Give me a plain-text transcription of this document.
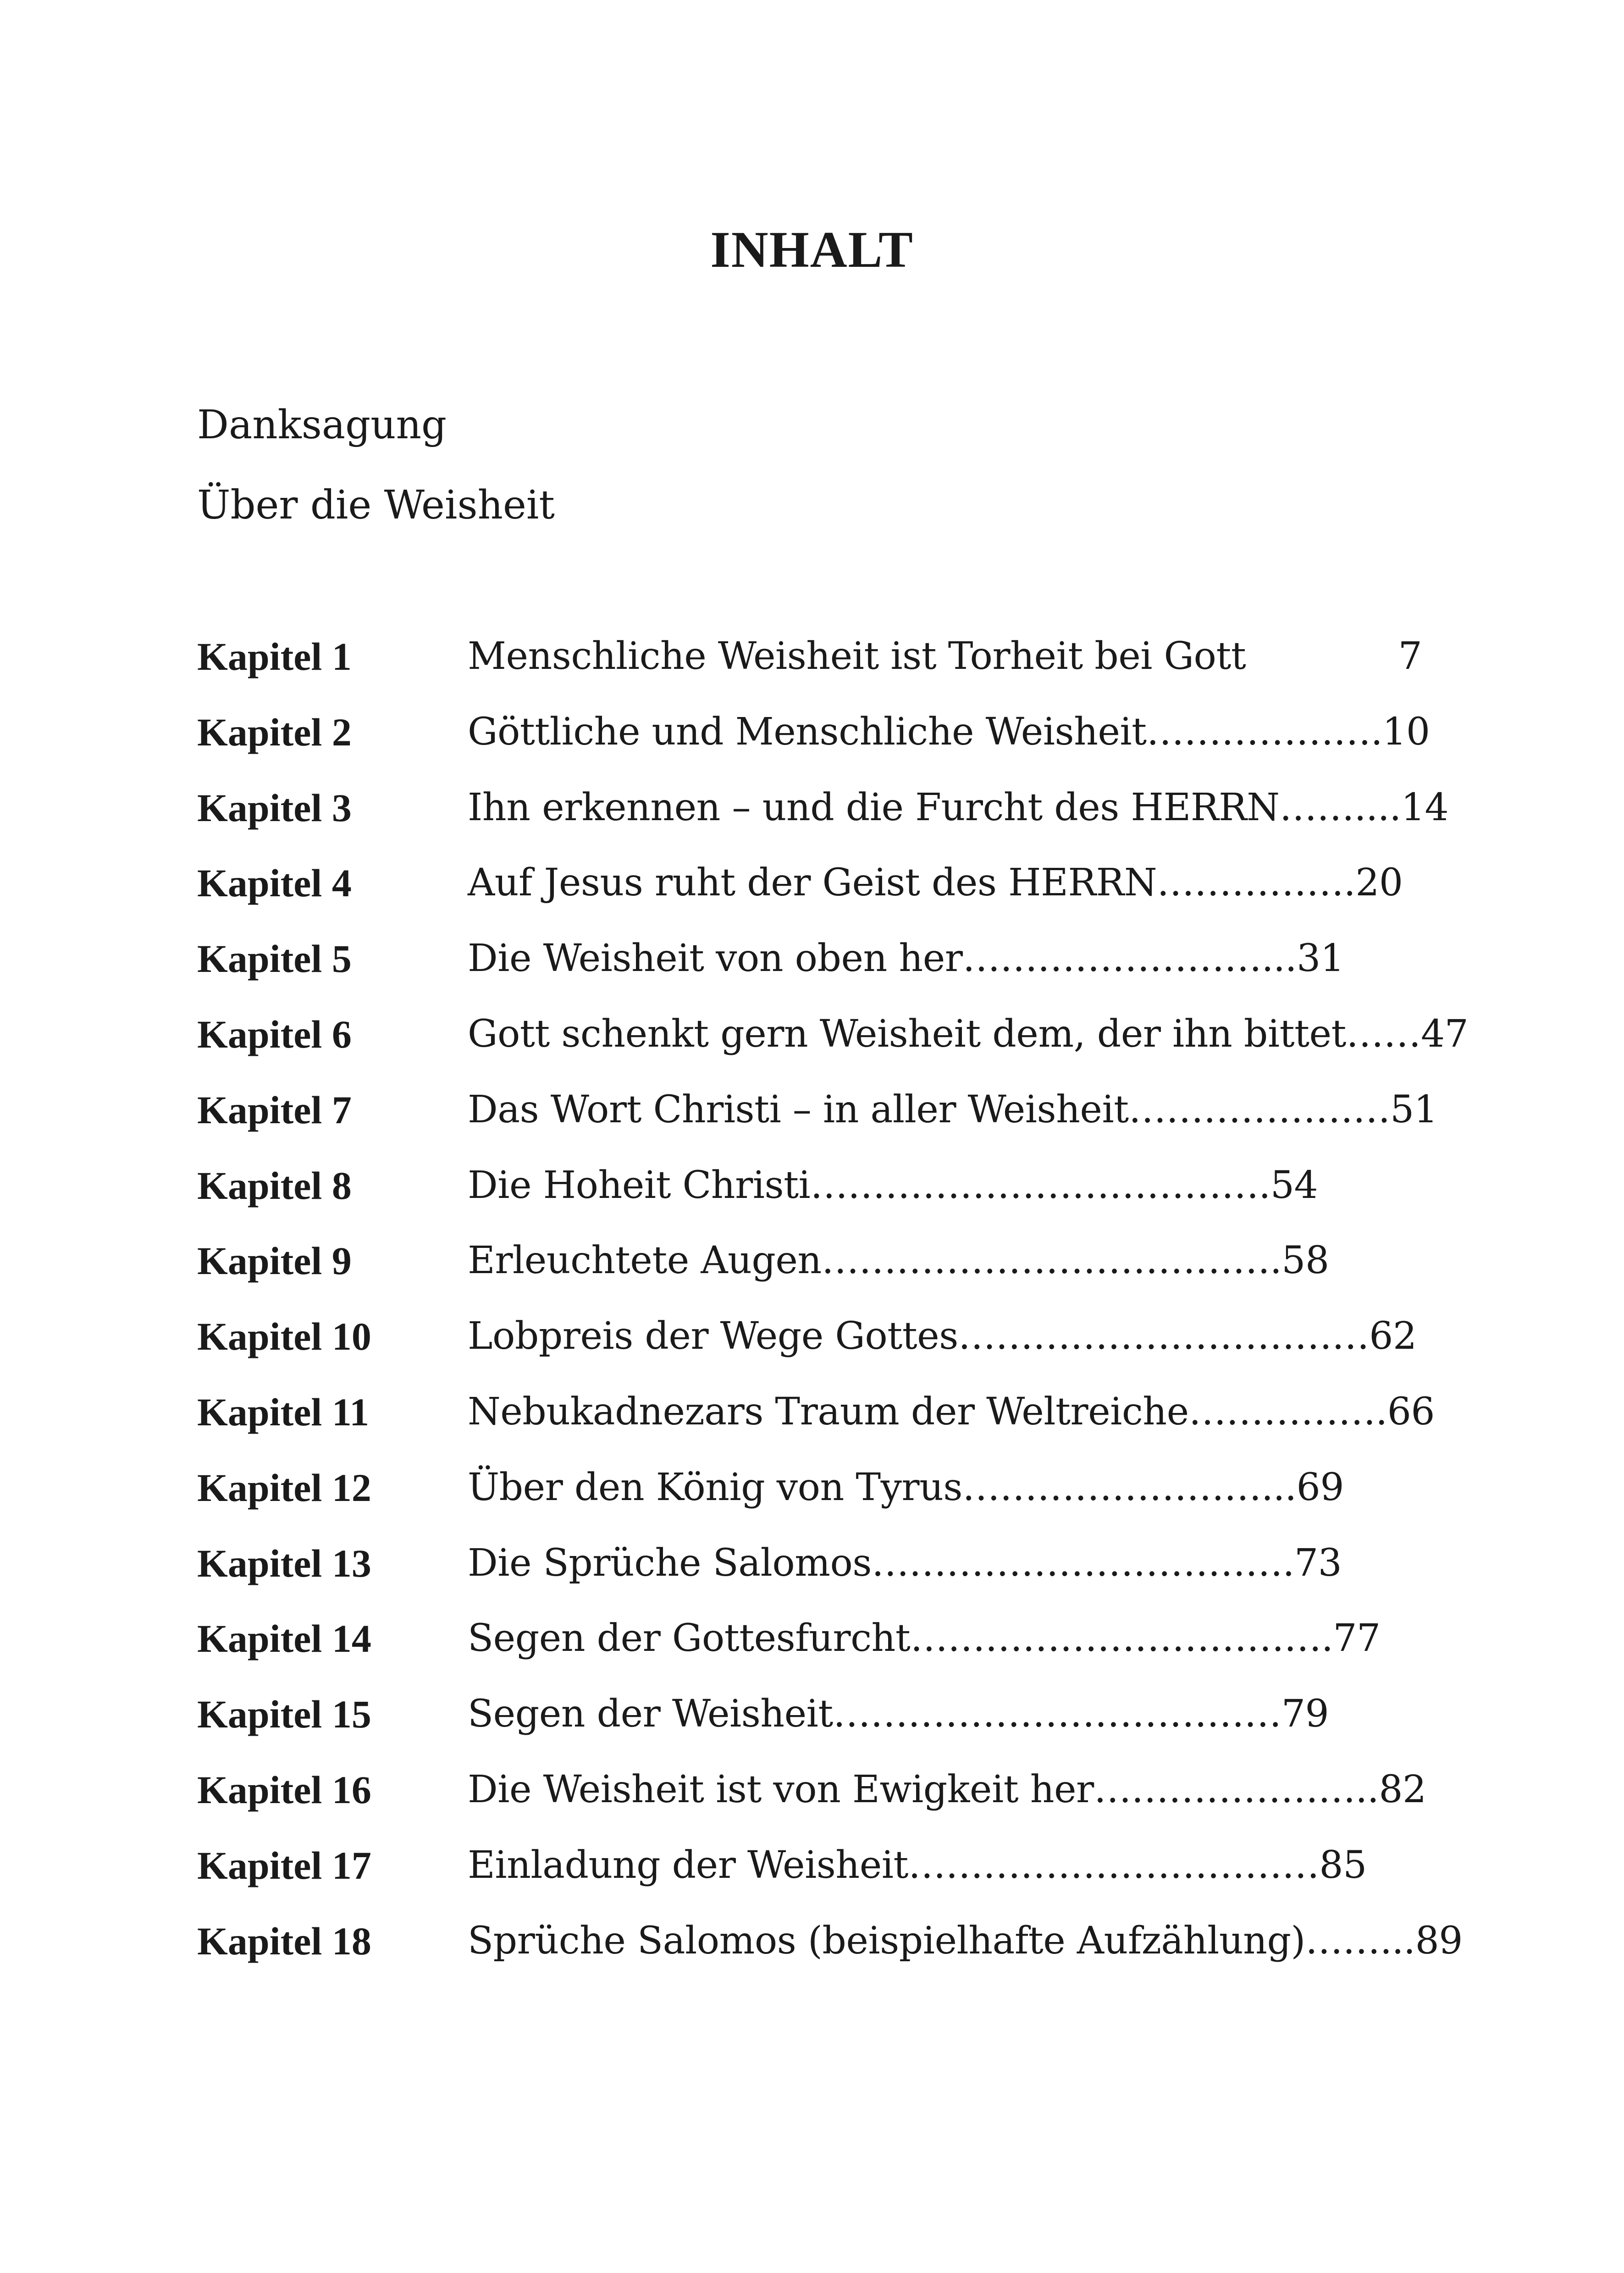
INHALT
Danksagung
Über die Weisheit
Kapitel 1	Menschliche Weisheit ist Torheit bei Gott             7
Kapitel 2	Göttliche und Menschliche Weisheit……………….10
Kapitel 3	Ihn erkennen – und die Furcht des HERRN……....14
Kapitel 4	Auf Jesus ruht der Geist des HERRN…………….20
Kapitel 5	Die Weisheit von oben her……………………...31
Kapitel 6	Gott schenkt gern Weisheit dem, der ihn bittet……47
Kapitel 7	Das Wort Christi – in aller Weisheit…………………51
Kapitel 8	Die Hoheit Christi……………………………….54
Kapitel 9	Erleuchtete Augen……………………………….58
Kapitel 10	Lobpreis der Wege Gottes……………………………62
Kapitel 11	Nebukadnezars Traum der Weltreiche…………….66
Kapitel 12	Über den König von Tyrus……………………...69
Kapitel 13	Die Sprüche Salomos…………………………….73
Kapitel 14	Segen der Gottesfurcht…………………………….77
Kapitel 15	Segen der Weisheit………………………………79
Kapitel 16	Die Weisheit ist von Ewigkeit her…………………..82
Kapitel 17	Einladung der Weisheit……………………………85
Kapitel 18	Sprüche Salomos (beispielhafte Aufzählung)……...89
